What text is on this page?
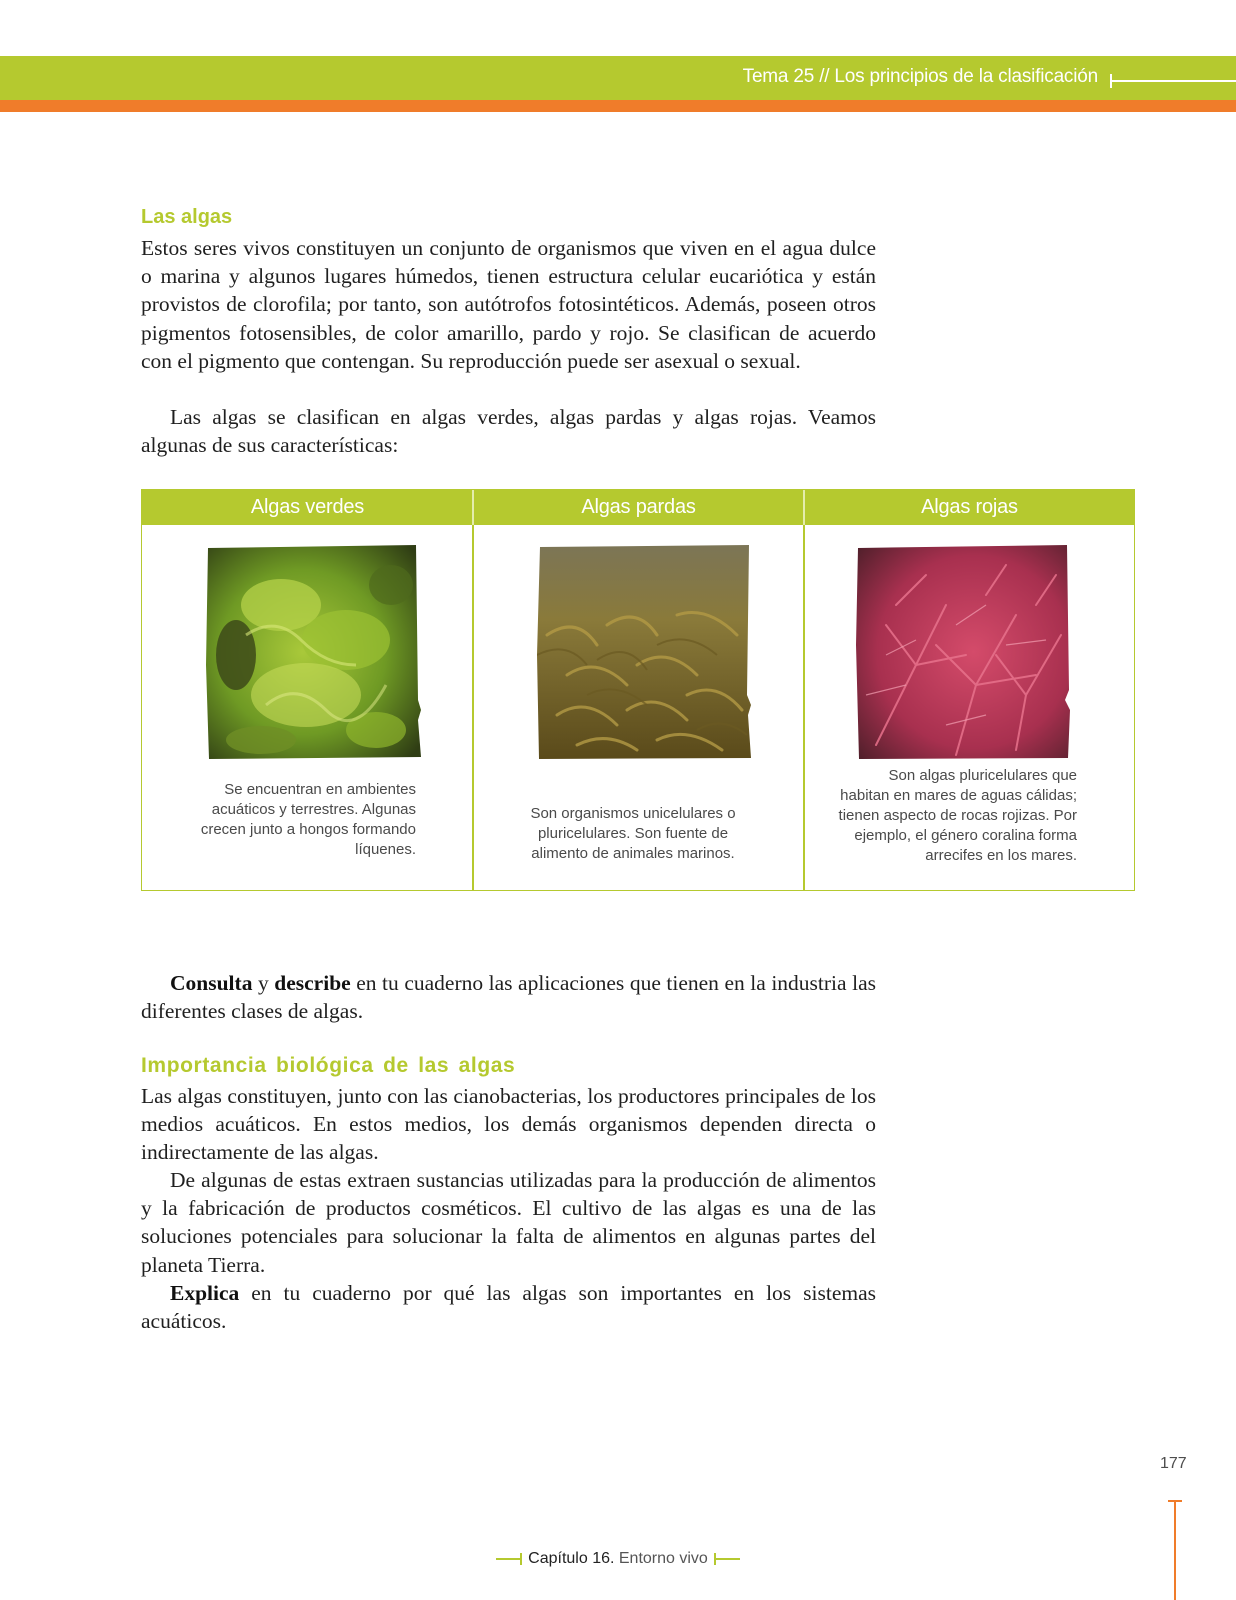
Tema 25 // Los principios de la clasificación
Las algas

Estos seres vivos constituyen un conjunto de organismos que viven en el agua dulce o marina y algunos lugares húmedos, tienen estructura celular eucariótica y están provistos de clorofila; por tanto, son autótrofos fotosintéticos. Además, poseen otros pigmentos fotosensibles, de color amarillo, pardo y rojo. Se clasifican de acuerdo con el pigmento que contengan. Su reproducción puede ser asexual o sexual.

Las algas se clasifican en algas verdes, algas pardas y algas rojas. Veamos algunas de sus características:

Algas verdes	Algas pardas	Algas rojas
Se encuentran en ambientes acuáticos y terrestres. Algunas crecen junto a hongos formando líquenes.
Son organismos unicelulares o pluricelulares. Son fuente de alimento de animales marinos.
Son algas pluricelulares que habitan en mares de aguas cálidas; tienen aspecto de rocas rojizas. Por ejemplo, el género coralina forma arrecifes en los mares.

Consulta y describe en tu cuaderno las aplicaciones que tienen en la industria las diferentes clases de algas.

Importancia biológica de las algas

Las algas constituyen, junto con las cianobacterias, los productores principales de los medios acuáticos. En estos medios, los demás organismos dependen directa o indirectamente de las algas.

De algunas de estas extraen sustancias utilizadas para la producción de alimentos y la fabricación de productos cosméticos. El cultivo de las algas es una de las soluciones potenciales para solucionar la falta de alimentos en algunas partes del planeta Tierra.

Explica en tu cuaderno por qué las algas son importantes en los sistemas acuáticos.

177
Capítulo 16. Entorno vivo
